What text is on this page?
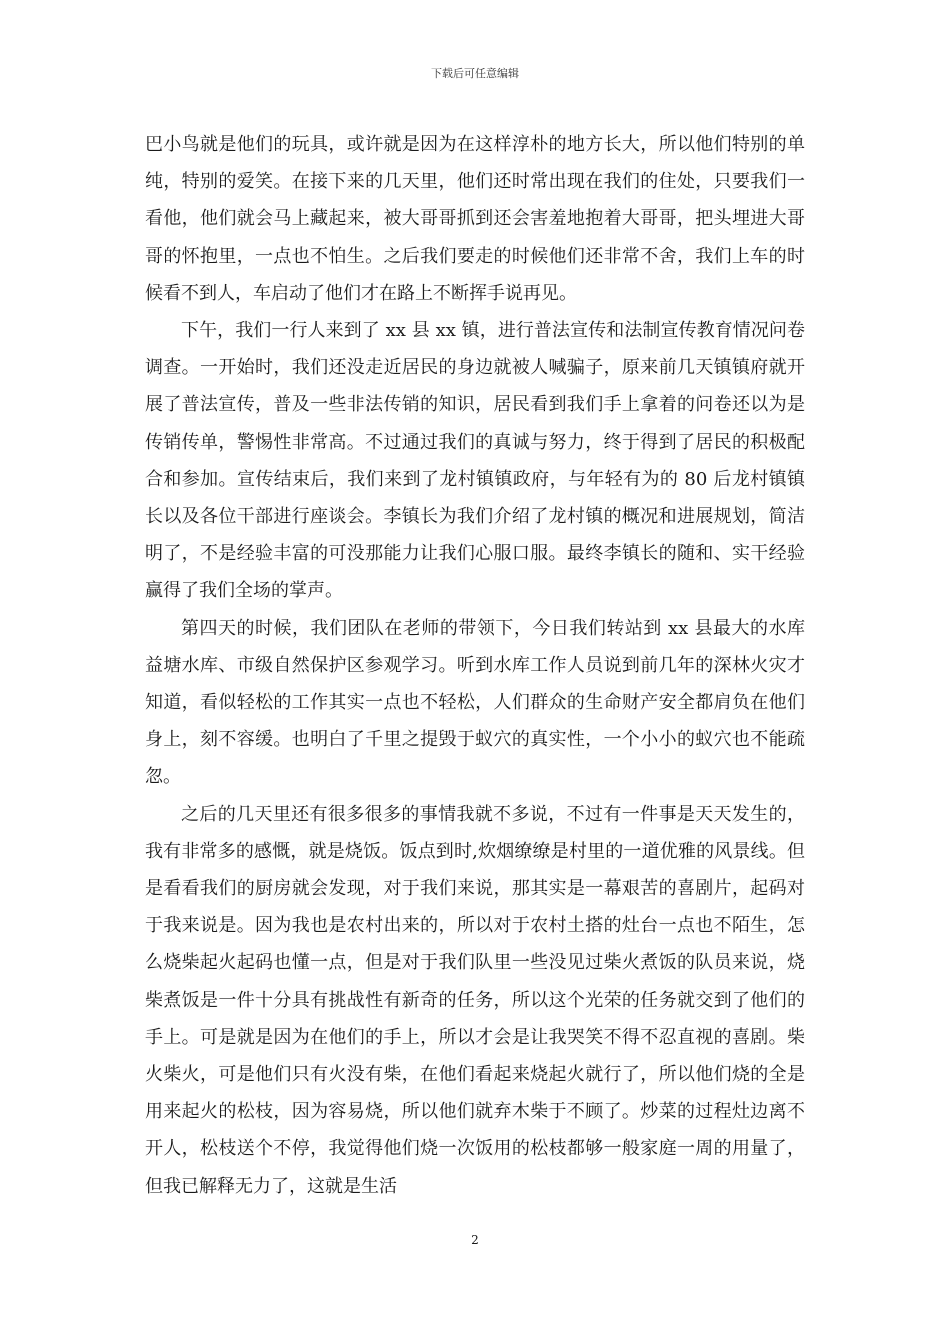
下载后可任意编辑

巴小鸟就是他们的玩具，或许就是因为在这样淳朴的地方长大，所以他们特别的单纯，特别的爱笑。在接下来的几天里，他们还时常出现在我们的住处，只要我们一看他，他们就会马上藏起来，被大哥哥抓到还会害羞地抱着大哥哥，把头埋进大哥哥的怀抱里，一点也不怕生。之后我们要走的时候他们还非常不舍，我们上车的时候看不到人，车启动了他们才在路上不断挥手说再见。

下午，我们一行人来到了 xx 县 xx 镇，进行普法宣传和法制宣传教育情况问卷调查。一开始时，我们还没走近居民的身边就被人喊骗子，原来前几天镇镇府就开展了普法宣传，普及一些非法传销的知识，居民看到我们手上拿着的问卷还以为是传销传单，警惕性非常高。不过通过我们的真诚与努力，终于得到了居民的积极配合和参加。宣传结束后，我们来到了龙村镇镇政府，与年轻有为的 80 后龙村镇镇长以及各位干部进行座谈会。李镇长为我们介绍了龙村镇的概况和进展规划，简洁明了，不是经验丰富的可没那能力让我们心服口服。最终李镇长的随和、实干经验赢得了我们全场的掌声。

第四天的时候，我们团队在老师的带领下，今日我们转站到 xx 县最大的水库益塘水库、市级自然保护区参观学习。听到水库工作人员说到前几年的深林火灾才知道，看似轻松的工作其实一点也不轻松，人们群众的生命财产安全都肩负在他们身上，刻不容缓。也明白了千里之提毁于蚁穴的真实性，一个小小的蚁穴也不能疏忽。

之后的几天里还有很多很多的事情我就不多说，不过有一件事是天天发生的，我有非常多的感慨，就是烧饭。饭点到时,炊烟缭缭是村里的一道优雅的风景线。但是看看我们的厨房就会发现，对于我们来说，那其实是一幕艰苦的喜剧片，起码对于我来说是。因为我也是农村出来的，所以对于农村土搭的灶台一点也不陌生，怎么烧柴起火起码也懂一点，但是对于我们队里一些没见过柴火煮饭的队员来说，烧柴煮饭是一件十分具有挑战性有新奇的任务，所以这个光荣的任务就交到了他们的手上。可是就是因为在他们的手上，所以才会是让我哭笑不得不忍直视的喜剧。柴火柴火，可是他们只有火没有柴，在他们看起来烧起火就行了，所以他们烧的全是用来起火的松枝，因为容易烧，所以他们就弃木柴于不顾了。炒菜的过程灶边离不开人，松枝送个不停，我觉得他们烧一次饭用的松枝都够一般家庭一周的用量了，但我已解释无力了，这就是生活

2
